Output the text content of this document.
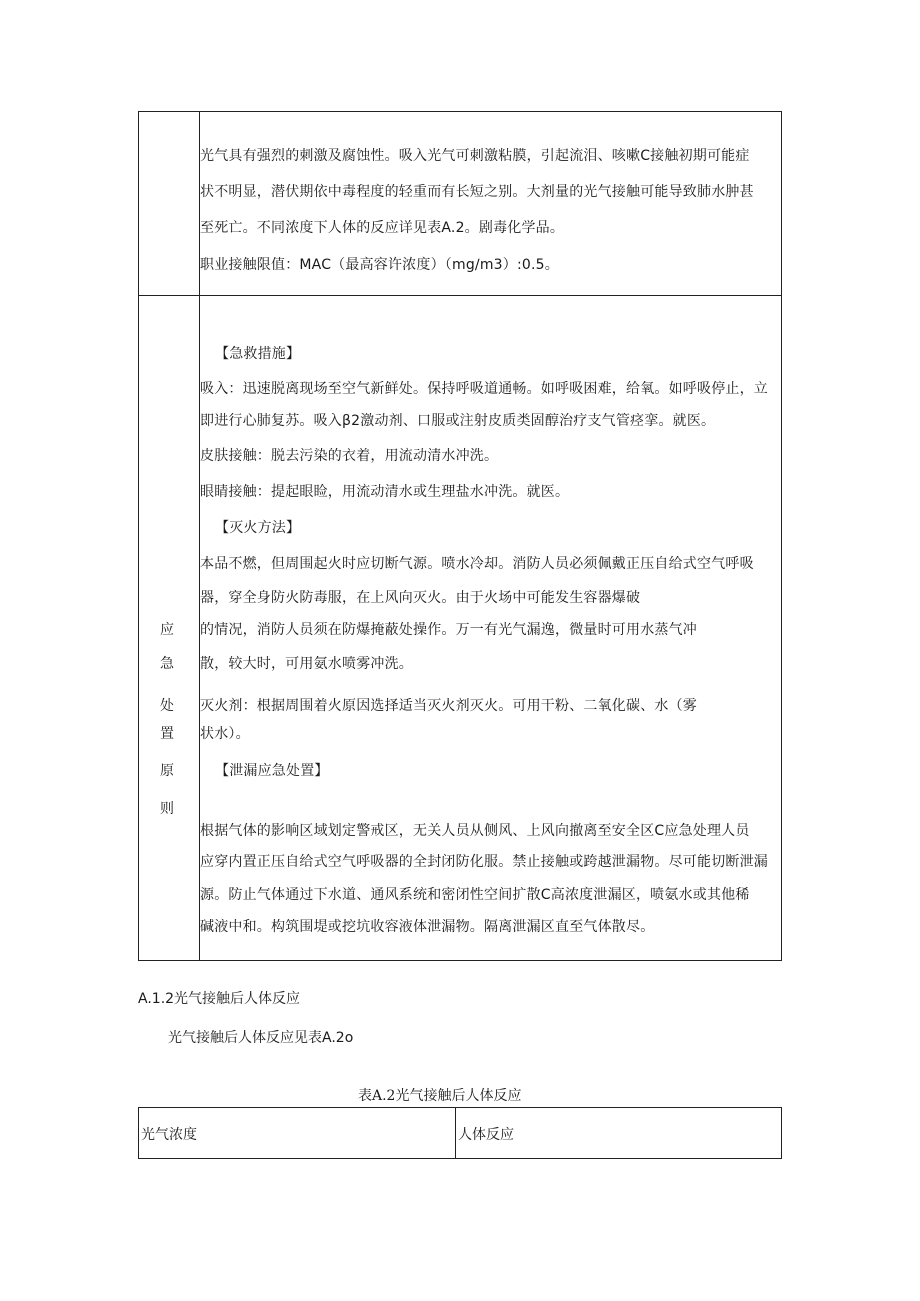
光气具有强烈的刺激及腐蚀性。吸入光气可刺激粘膜，引起流泪、咳嗽C接触初期可能症
状不明显，潜伏期依中毒程度的轻重而有长短之别。大剂量的光气接触可能导致肺水肿甚
至死亡。不同浓度下人体的反应详见表A.2。剧毒化学品。
职业接触限值：MAC（最高容许浓度）（mg∕m3）:0.5。
应
急
处
置
原
则
【急救措施】
吸入：迅速脱离现场至空气新鲜处。保持呼吸道通畅。如呼吸困难，给氧。如呼吸停止，立
即进行心肺复苏。吸入β2激动剂、口服或注射皮质类固醇治疗支气管痉挛。就医。
皮肤接触：脱去污染的衣着，用流动清水冲洗。
眼睛接触：提起眼睑，用流动清水或生理盐水冲洗。就医。
【灭火方法】
本品不燃，但周围起火时应切断气源。喷水冷却。消防人员必须佩戴正压自给式空气呼吸
器，穿全身防火防毒服，在上风向灭火。由于火场中可能发生容器爆破
的情况，消防人员须在防爆掩蔽处操作。万一有光气漏逸，微量时可用水蒸气冲
散，较大时，可用氨水喷雾冲洗。
灭火剂：根据周围着火原因选择适当灭火剂灭火。可用干粉、二氧化碳、水（雾
状水）。
【泄漏应急处置】
根据气体的影响区域划定警戒区，无关人员从侧风、上风向撤离至安全区C应急处理人员
应穿内置正压自给式空气呼吸器的全封闭防化服。禁止接触或跨越泄漏物。尽可能切断泄漏
源。防止气体通过下水道、通风系统和密闭性空间扩散C高浓度泄漏区，喷氨水或其他稀
碱液中和。构筑围堤或挖坑收容液体泄漏物。隔离泄漏区直至气体散尽。
A.1.2光气接触后人体反应
光气接触后人体反应见表A.2o
表A.2光气接触后人体反应
光气浓度	人体反应
